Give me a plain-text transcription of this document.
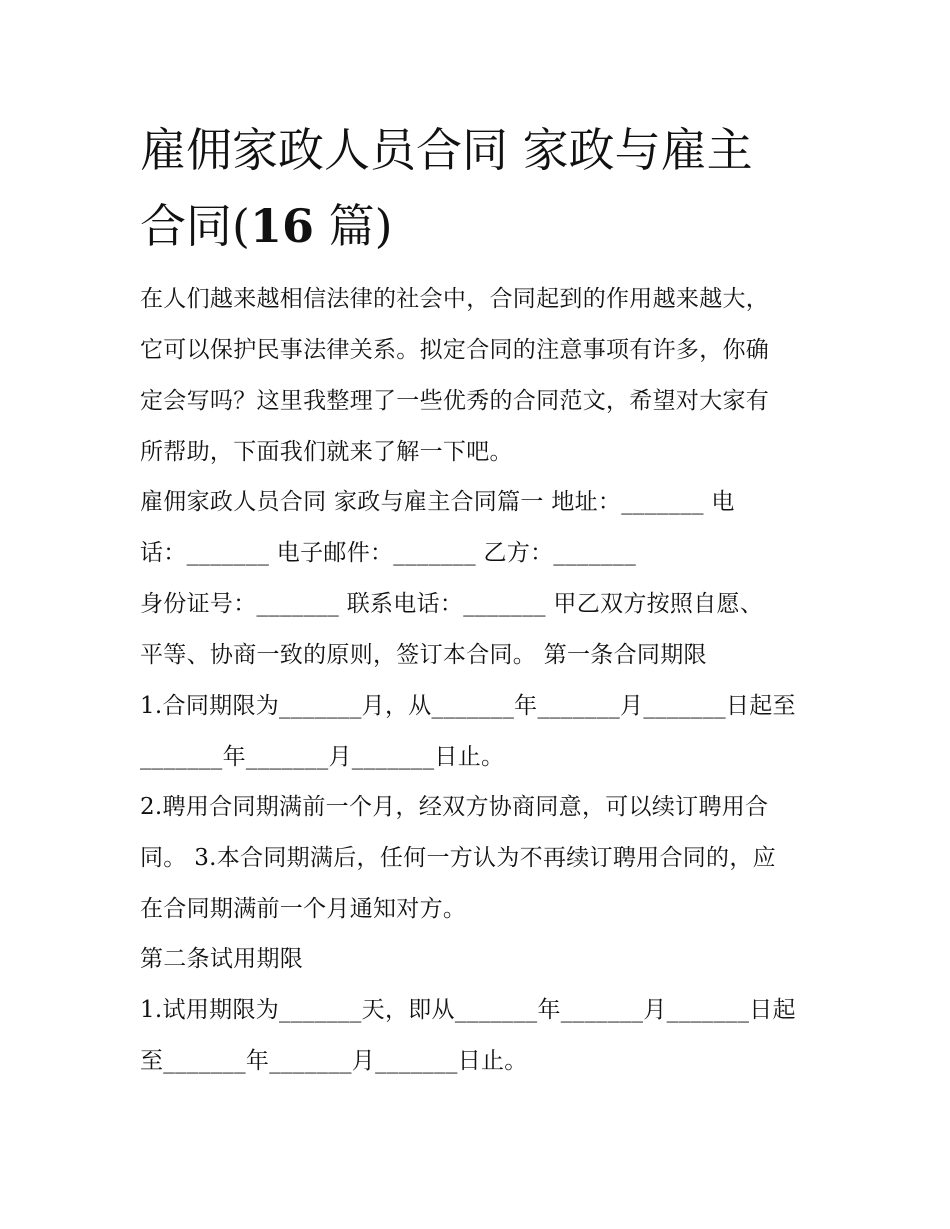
雇佣家政人员合同 家政与雇主
合同(16 篇)
在人们越来越相信法律的社会中，合同起到的作用越来越大，
它可以保护民事法律关系。拟定合同的注意事项有许多，你确
定会写吗？这里我整理了一些优秀的合同范文，希望对大家有
所帮助，下面我们就来了解一下吧。
雇佣家政人员合同 家政与雇主合同篇一 地址：_______ 电
话：_______ 电子邮件：_______ 乙方：_______
身份证号：_______ 联系电话：_______ 甲乙双方按照自愿、
平等、协商一致的原则，签订本合同。 第一条合同期限
1.合同期限为_______月，从_______年_______月_______日起至
_______年_______月_______日止。
2.聘用合同期满前一个月，经双方协商同意，可以续订聘用合
同。 3.本合同期满后，任何一方认为不再续订聘用合同的，应
在合同期满前一个月通知对方。
第二条试用期限
1.试用期限为_______天，即从_______年_______月_______日起
至_______年_______月_______日止。
